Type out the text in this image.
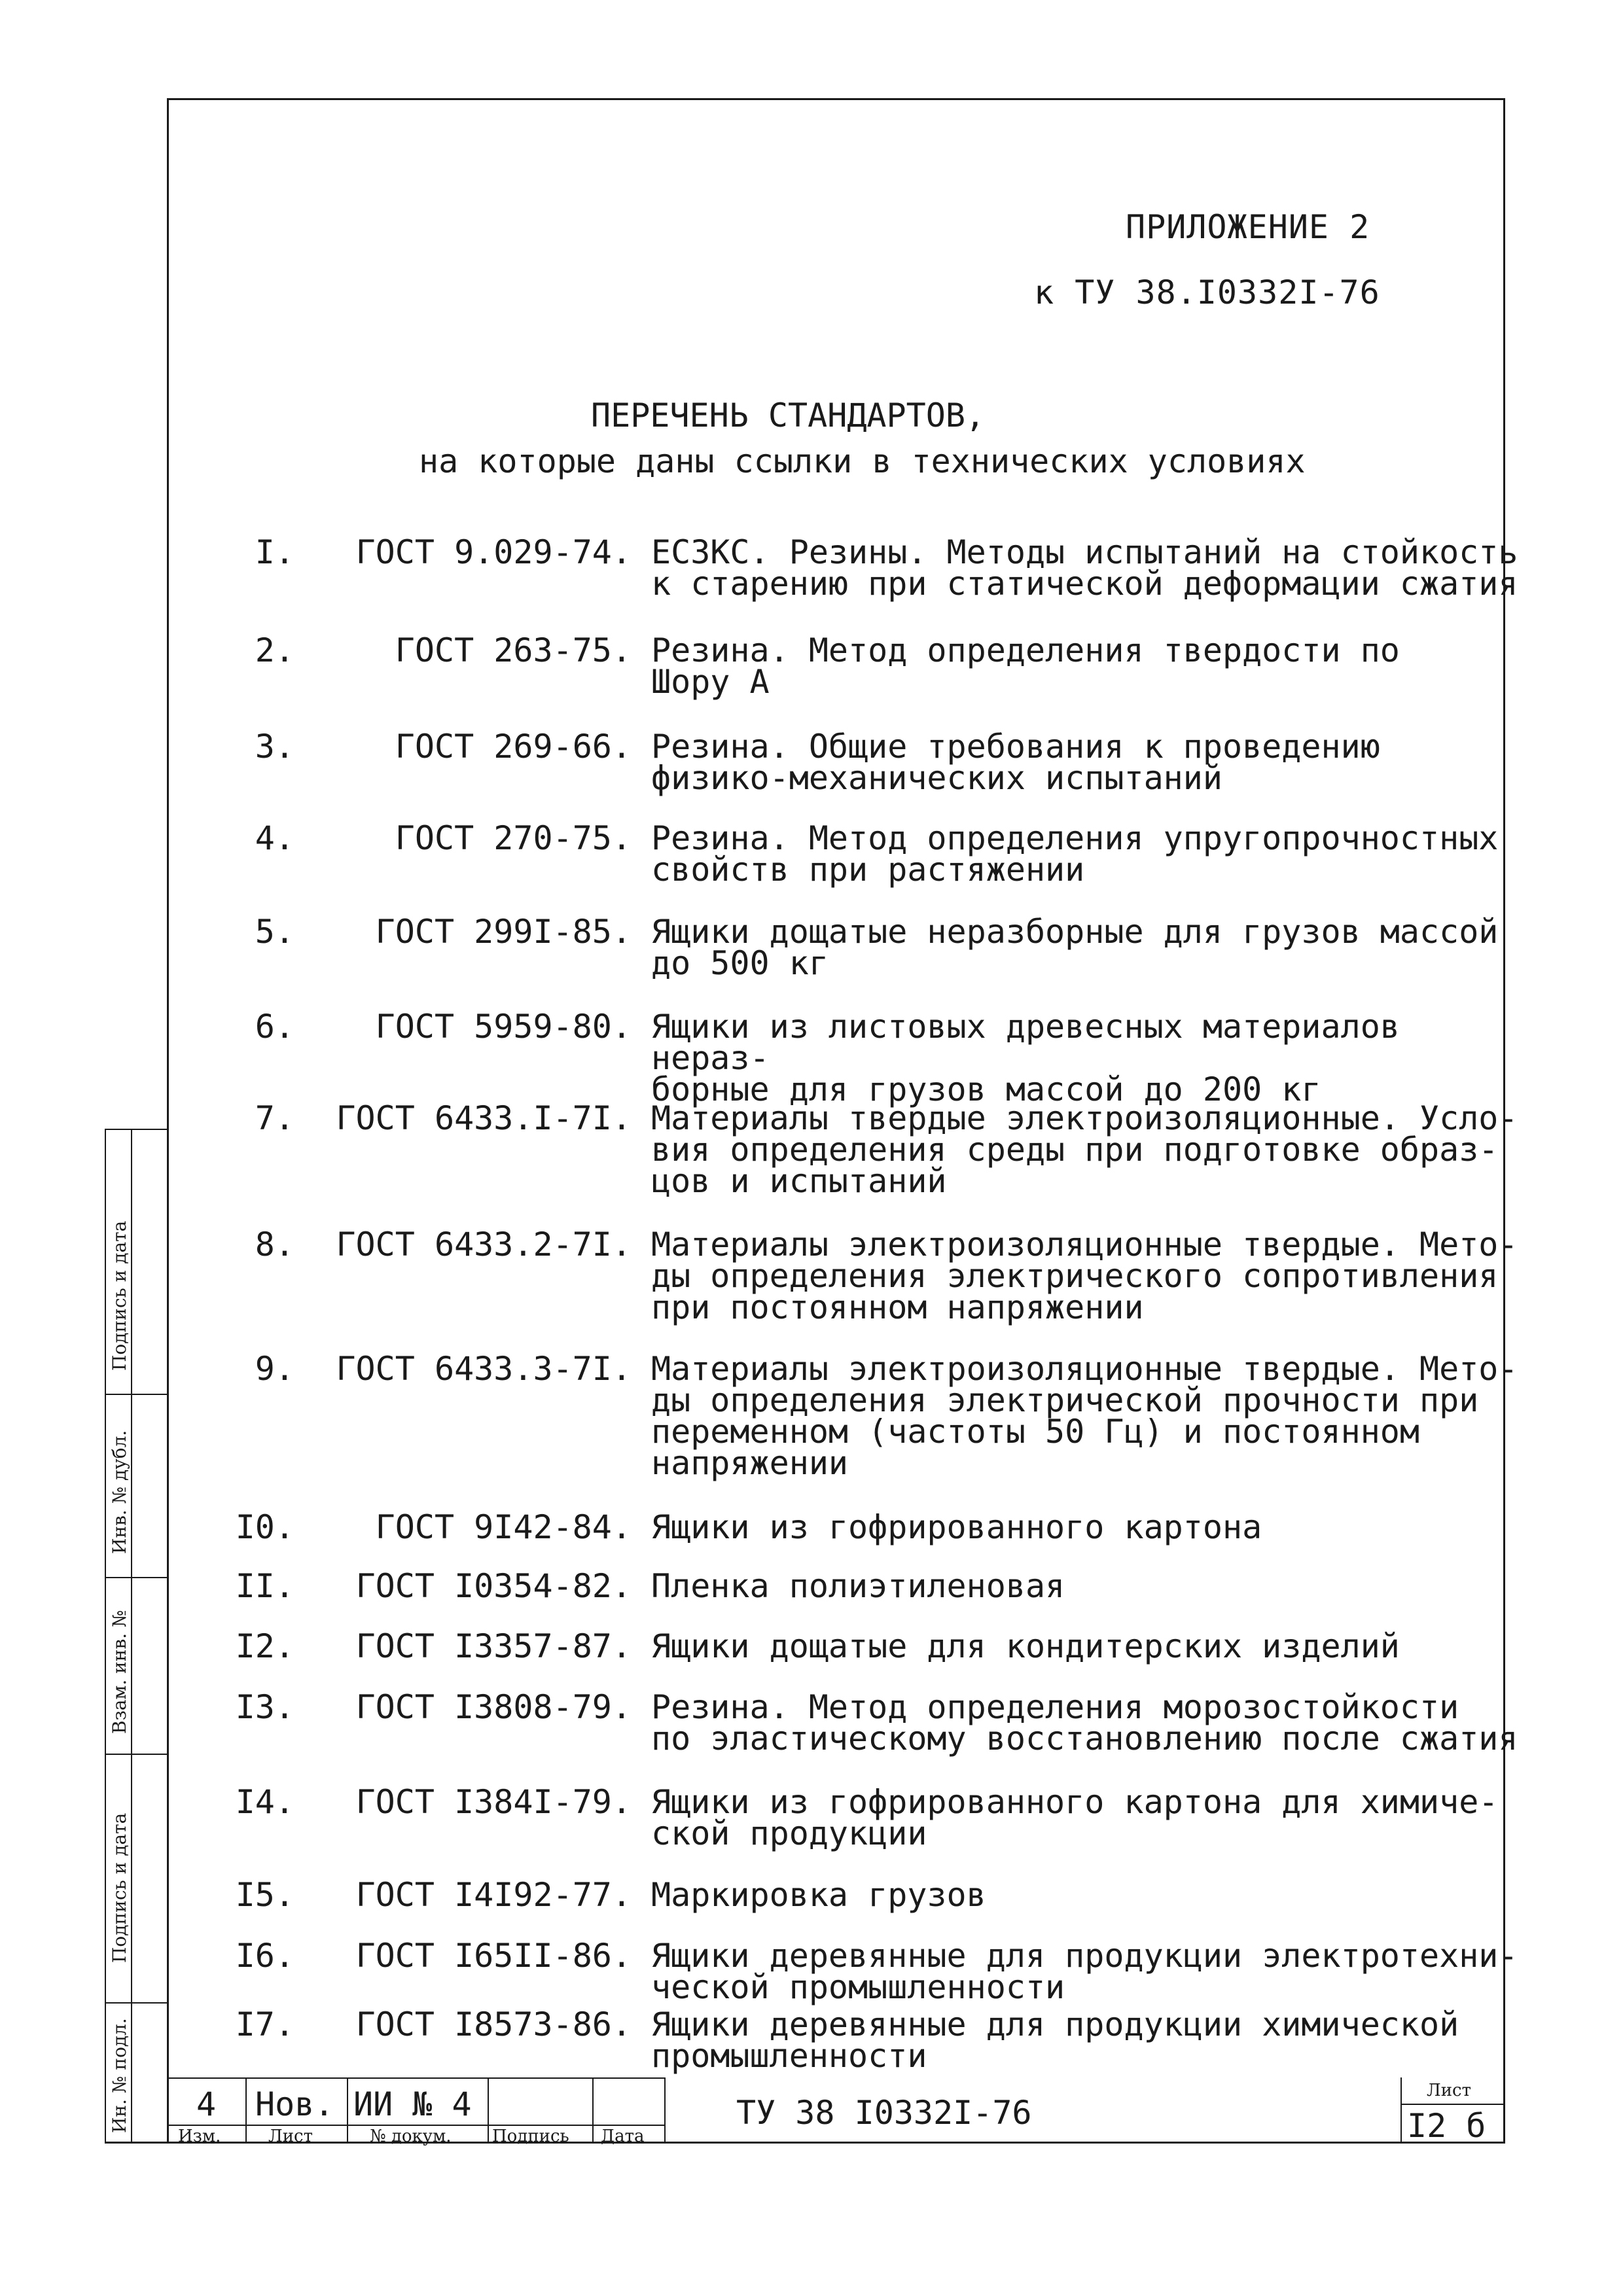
ПРИЛОЖЕНИЕ 2
к ТУ 38.I0332I-76
ПЕРЕЧЕНЬ СТАНДАРТОВ,
на которые даны ссылки в технических условиях
I. ГОСТ 9.029-74. ЕСЗКС. Резины. Методы испытаний на стойкость
к старению при статической деформации сжатия
2.	ГОСТ 263-75. Резина. Метод определения твердости по
Шору А
3.	ГОСТ 269-66. Резина. Общие требования к проведению
физико-механических испытаний
4.	ГОСТ 270-75. Резина. Метод определения упругопрочностных
свойств при растяжении
5. ГОСТ 299I-85. Ящики дощатые неразборные для грузов массой
до 500 кг
6. ГОСТ 5959-80. Ящики из листовых древесных материалов нераз-
борные для грузов массой до 200 кг
7. ГОСТ 6433.I-7I. Материалы твердые электроизоляционные. Усло-
вия определения среды при подготовке образ-
цов и испытаний
8. ГОСТ 6433.2-7I. Материалы электроизоляционные твердые. Мето-
ды определения электрического сопротивления
при постоянном напряжении
9. ГОСТ 6433.3-7I. Материалы электроизоляционные твердые. Мето-
ды определения электрической прочности при
переменном (частоты 50 Гц) и постоянном
напряжении
I0. ГОСТ 9I42-84. Ящики из гофрированного картона
II. ГОСТ I0354-82. Пленка полиэтиленовая
I2. ГОСТ I3357-87. Ящики дощатые для кондитерских изделий
I3. ГОСТ I3808-79. Резина. Метод определения морозостойкости
по эластическому восстановлению после сжатия
I4. ГОСТ I384I-79. Ящики из гофрированного картона для химиче-
ской продукции
I5. ГОСТ I4I92-77. Маркировка грузов
I6. ГОСТ I65II-86. Ящики деревянные для продукции электротехни-
ческой промышленности
I7. ГОСТ I8573-86. Ящики деревянные для продукции химической
промышленности
Подпись и дата
Инв. № дубл.
Взам. инв. №
Подпись и дата
Ин. № подл. 4 Нов. ИИ № 4
Изм.	Лист	№ докум. Подпись Дата
ТУ 38 I0332I-76
Лист
I2 б
